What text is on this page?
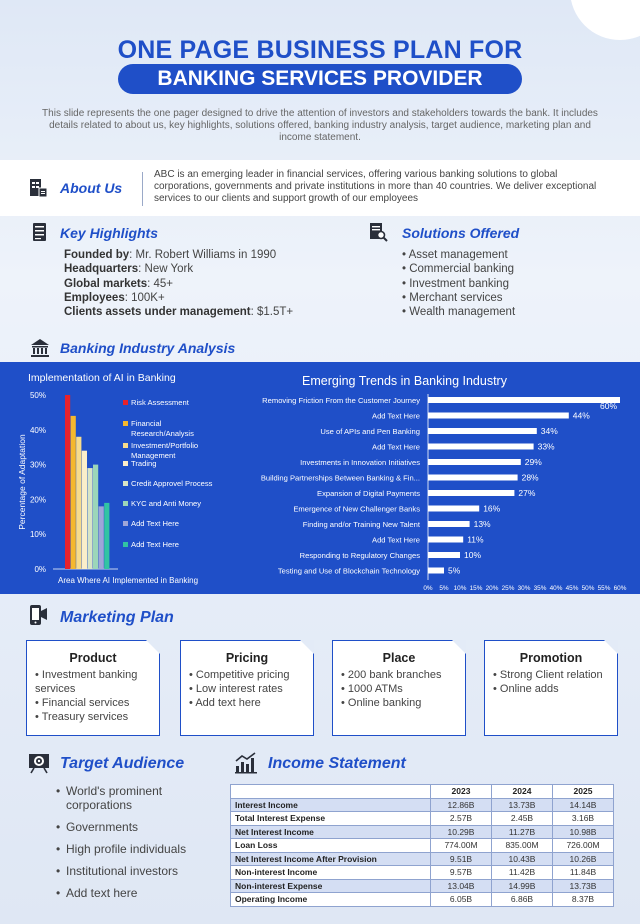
ONE PAGE BUSINESS PLAN FOR
BANKING SERVICES PROVIDER
This slide represents the one pager designed to drive the attention of investors and stakeholders towards the bank. It includes details related to about us, key highlights, solutions offered, banking industry analysis, target audience, marketing plan and income statement.
About Us
ABC is an emerging leader in financial services, offering various banking solutions to global corporations, governments and private institutions in more than 40 countries. We deliver exceptional services to our clients and support growth of our employees
Key Highlights
Founded by: Mr. Robert Williams in 1990
Headquarters: New York
Global markets: 45+
Employees: 100K+
Clients assets under management: $1.5T+
Solutions Offered
• Asset management
• Commercial banking
• Investment banking
• Merchant services
• Wealth management
Banking Industry Analysis
Implementation of AI in Banking	Emerging Trends in Banking Industry
0%
10%
20%
30%
40%
50%
Risk Assessment
Financial Research/Analysis
Investment/Portfolio Management
Trading
Credit Approvel Process
KYC and Anti Money
Add Text Here
Add Text Here
Area Where AI Implemented in Banking
Percentage of Adaptation
Removing Friction From the Customer Journey
60%
Add Text Here	44%
Use of APIs and Pen Banking	34%
Add Text Here	33%
Investments in Innovation Initiatives	29%
Building Partnerships Between Banking & Fin...	28%
Expansion of Digital Payments	27%
Emergence of New Challenger Banks	16%
Finding and/or Training New Talent	13%
Add Text Here	11%
Responding to Regulatory Changes	10%
Testing and Use of Blockchain Technology	5%
0% 5% 10% 15% 20% 25% 30% 35% 40% 45% 50% 55% 60%
Marketing Plan
Product
• Investment banking services
• Financial services
• Treasury services
Pricing
• Competitive pricing
• Low interest rates
• Add text here
Place
• 200 bank branches
• 1000 ATMs
• Online banking
Promotion
• Strong Client relation
• Online adds
Target Audience
• World's prominent corporations
• Governments
• High profile individuals
• Institutional investors
• Add text here
Income Statement
	2023	2024	2025
Interest Income	12.86B	13.73B	14.14B
Total Interest Expense	2.57B	2.45B	3.16B
Net Interest Income	10.29B	11.27B	10.98B
Loan Loss	774.00M	835.00M	726.00M
Net Interest Income After Provision	9.51B	10.43B	10.26B
Non-interest Income	9.57B	11.42B	11.84B
Non-interest Expense	13.04B	14.99B	13.73B
Operating Income	6.05B	6.86B	8.37B
